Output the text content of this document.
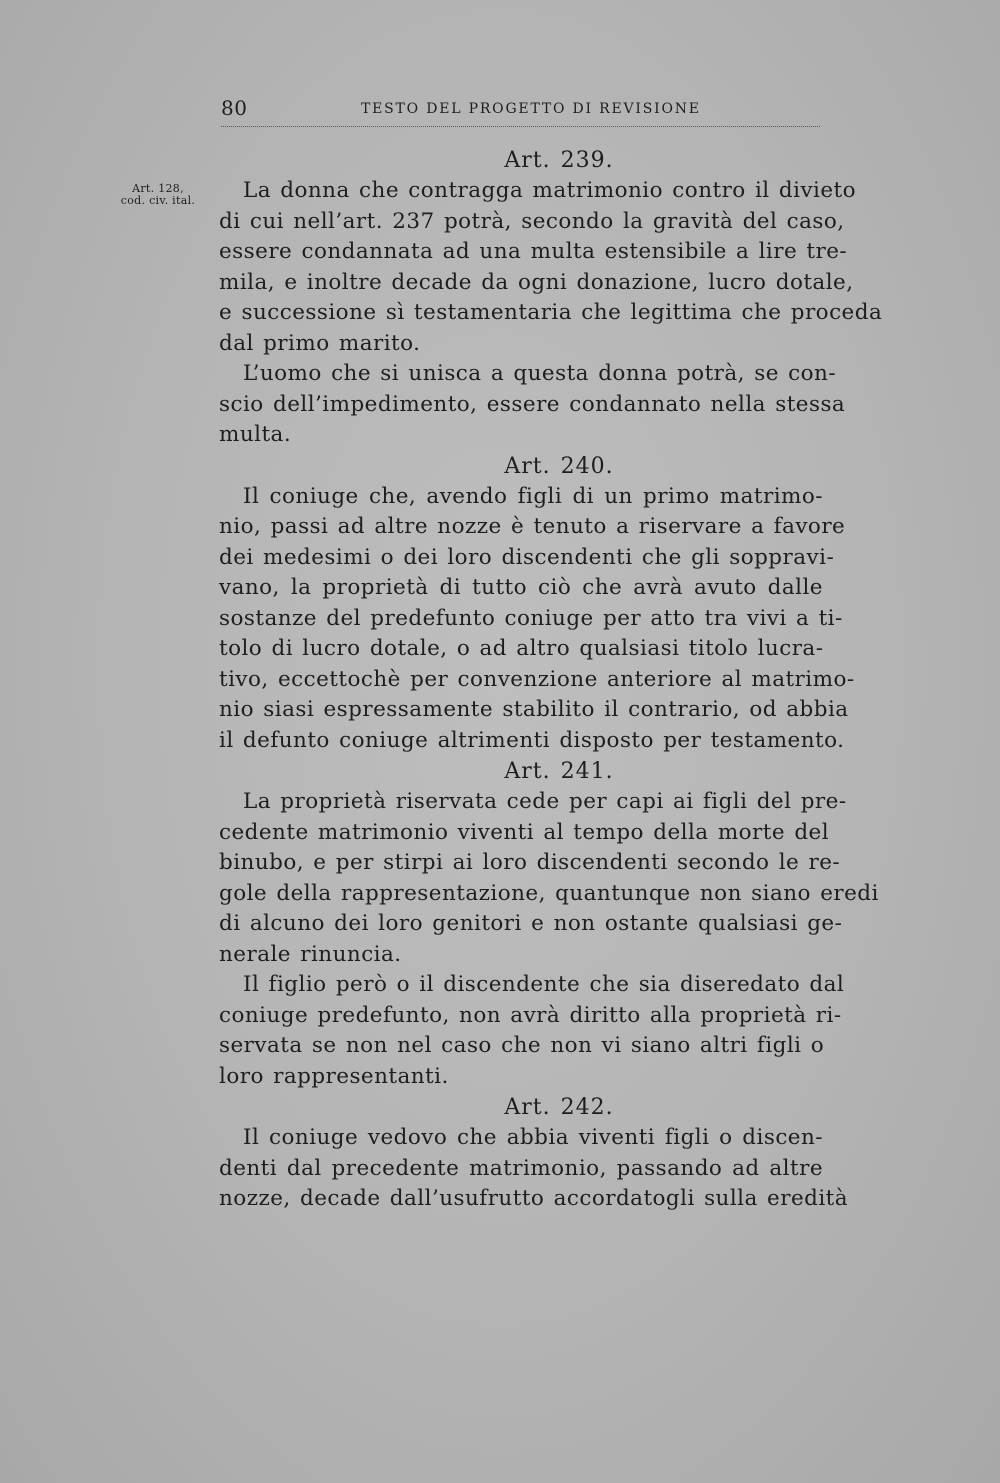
80	TESTO DEL PROGETTO DI REVISIONE
Art. 128,
cod. civ. ital.
Art. 239.
La donna che contragga matrimonio contro il divieto
di cui nell’art. 237 potrà, secondo la gravità del caso,
essere condannata ad una multa estensibile a lire tre-
mila, e inoltre decade da ogni donazione, lucro dotale,
e successione sì testamentaria che legittima che proceda
dal primo marito.
L’uomo che si unisca a questa donna potrà, se con-
scio dell’impedimento, essere condannato nella stessa
multa.
Art. 240.
Il coniuge che, avendo figli di un primo matrimo-
nio, passi ad altre nozze è tenuto a riservare a favore
dei medesimi o dei loro discendenti che gli soppravi-
vano, la proprietà di tutto ciò che avrà avuto dalle
sostanze del predefunto coniuge per atto tra vivi a ti-
tolo di lucro dotale, o ad altro qualsiasi titolo lucra-
tivo, eccettochè per convenzione anteriore al matrimo-
nio siasi espressamente stabilito il contrario, od abbia
il defunto coniuge altrimenti disposto per testamento.
Art. 241.
La proprietà riservata cede per capi ai figli del pre-
cedente matrimonio viventi al tempo della morte del
binubo, e per stirpi ai loro discendenti secondo le re-
gole della rappresentazione, quantunque non siano eredi
di alcuno dei loro genitori e non ostante qualsiasi ge-
nerale rinuncia.
Il figlio però o il discendente che sia diseredato dal
coniuge predefunto, non avrà diritto alla proprietà ri-
servata se non nel caso che non vi siano altri figli o
loro rappresentanti.
Art. 242.
Il coniuge vedovo che abbia viventi figli o discen-
denti dal precedente matrimonio, passando ad altre
nozze, decade dall’usufrutto accordatogli sulla eredità
